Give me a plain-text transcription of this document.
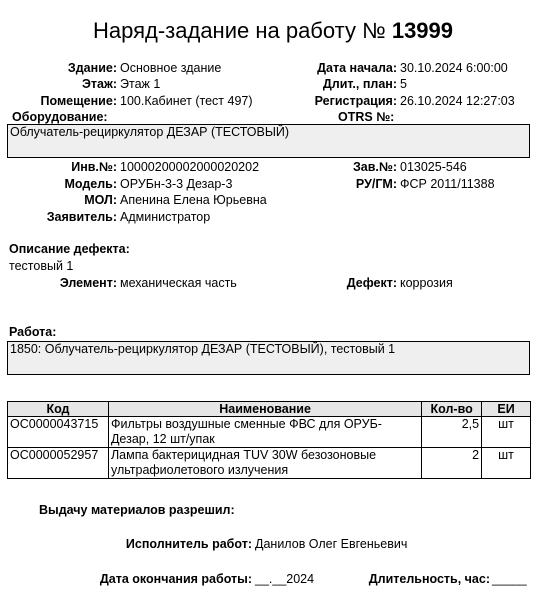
Наряд-задание на работу № 13999
Здание: Основное здание
Этаж: Этаж 1
Помещение: 100.Кабинет (тест 497)
Дата начала: 30.10.2024 6:00:00
Длит., план: 5
Регистрация: 26.10.2024 12:27:03
Оборудование:	OTRS №:
Облучатель-рециркулятор ДЕЗАР (ТЕСТОВЫЙ)
Инв.№: 10000200002000020202
Модель: ОРУБн-3-3 Дезар-3
МОЛ: Апенина Елена Юрьевна
Заявитель: Администратор
Зав.№: 013025-546
РУ/ГМ: ФСР 2011/11388
Описание дефекта:
тестовый 1
Элемент: механическая часть	Дефект: коррозия
Работа:
1850: Облучатель-рециркулятор ДЕЗАР (ТЕСТОВЫЙ), тестовый 1
Код	Наименование	Кол-во	ЕИ
ОС0000043715	Фильтры воздушные сменные ФВС для ОРУБ-Дезар, 12 шт/упак	2,5	шт
ОС0000052957	Лампа бактерицидная TUV 30W безозоновые ультрафиолетового излучения	2	шт
Выдачу материалов разрешил:
Исполнитель работ: Данилов Олег Евгеньевич
Дата окончания работы: __.__2024	Длительность, час: _____
